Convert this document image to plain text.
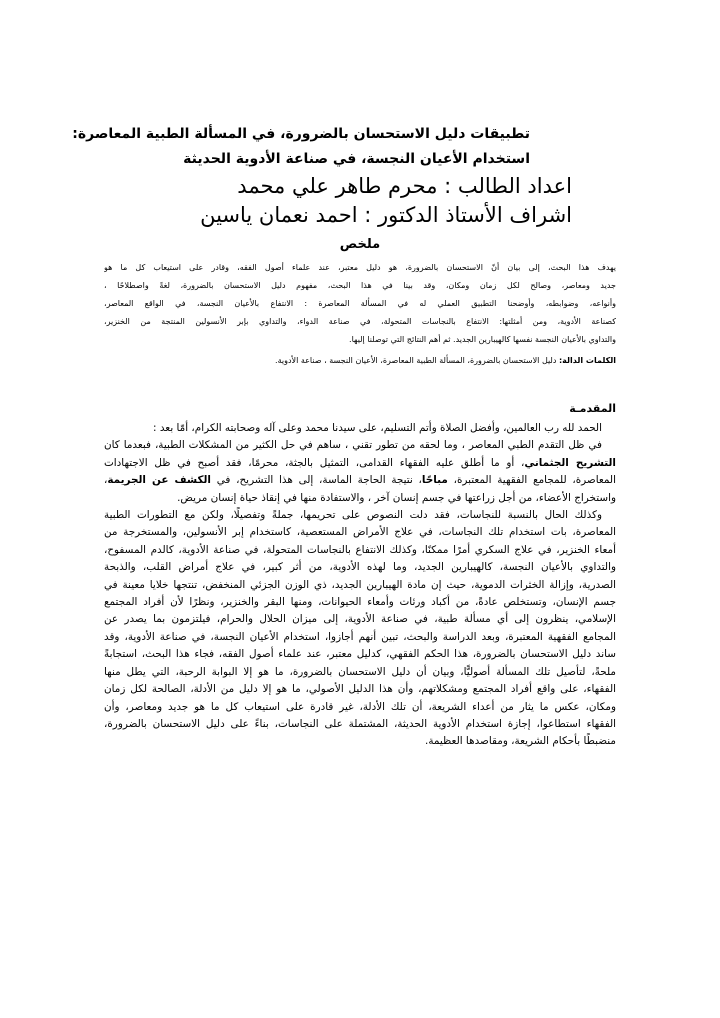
تطبيقات دليل الاستحسان بالضرورة، في المسألة الطبية المعاصرة:
استخدام الأعيان النجسة، في صناعة الأدوية الحديثة
اعداد الطالب : محرم طاهر علي محمد
اشراف الأستاذ الدكتور : احمد نعمان ياسين
ملخص
يهدف هذا البحث، إلى بيان أنّ الاستحسان بالضرورة، هو دليل معتبر، عند علماء أصول الفقه، وقادر على استيعاب كل ما هو
جديد ومعاصر، وصالح لكل زمان ومكان، وقد بينا في هذا البحث، مفهوم دليل الاستحسان بالضرورة، لغةً واصطلاحًا ،
وأنواعه، وضوابطه، وأوضحنا التطبيق العملي له في المسألة المعاصرة : الانتفاع بالأعيان النجسة، في الواقع المعاصر،
كصناعة الأدوية، ومن أمثلتها: الانتفاع بالنجاسات المتحولة، في صناعة الدواء، والتداوي بإبر الأنسولين المنتجة من الخنزير،
والتداوي بالأعيان النجسة نفسها كالهيبارين الجديد. ثم أهم النتائج التي توصلنا إليها.
الكلمات الدالة: دليل الاستحسان بالضرورة، المسألة الطبية المعاصرة، الأعيان النجسة ، صناعة الأدوية.
المقدمـة
الحمد لله رب العالمين، وأفضل الصلاة وأتم التسليم، على سيدنا محمد وعلى آله وصحابته الكرام، أمّا بعد :
في ظل التقدم الطبي المعاصر ، وما لحقه من تطور تقني ، ساهم في حل الكثير من المشكلات الطبية، فبعدما كان
التشريح الجثماني، أو ما أطلق عليه الفقهاء القدامى، التمثيل بالجثة، محرمًا، فقد أصبح في ظل الاجتهادات
المعاصرة، للمجامع الفقهية المعتبرة، مباحًا، نتيجة الحاجة الماسة، إلى هذا التشريح، في الكشف عن الجريمة،
واستخراج الأعضاء، من أجل زراعتها في جسم إنسان آخر ، والاستفادة منها في إنقاذ حياة إنسان مريض.
وكذلك الحال بالنسبة للنجاسات، فقد دلت النصوص على تحريمها، جملةً وتفصيلًا، ولكن مع التطورات الطبية
المعاصرة، بات استخدام تلك النجاسات، في علاج الأمراض المستعصية، كاستخدام إبر الأنسولين، والمستخرجة من
أمعاء الخنزير، في علاج السكري أمرًا ممكنًا، وكذلك الانتفاع بالنجاسات المتحولة، في صناعة الأدوية، كالدم المسفوح،
والتداوي بالأعيان النجسة، كالهيبارين الجديد، وما لهذه الأدوية، من أثر كبير، في علاج أمراض القلب، والذبحة
الصدرية، وإزالة الخثرات الدموية، حيث إن مادة الهيبارين الجديد، ذي الوزن الجزئي المنخفض، تنتجها خلايا معينة في
جسم الإنسان، وتستخلص عادةً، من أكباد ورئات وأمعاء الحيوانات، ومنها البقر والخنزير، ونظرًا لأن أفراد المجتمع
الإسلامي، ينظرون إلى أي مسألة طبية، في صناعة الأدوية، إلى ميزان الحلال والحرام، فيلتزمون بما يصدر عن
المجامع الفقهية المعتبرة، وبعد الدراسة والبحث، تبين أنهم أجازوا، استخدام الأعيان النجسة، في صناعة الأدوية، وقد
ساند دليل الاستحسان بالضرورة، هذا الحكم الفقهي، كدليل معتبر، عند علماء أصول الفقه، فجاء هذا البحث، استجابةً
ملحةً، لتأصيل تلك المسألة أصوليًّا، وبيان أن دليل الاستحسان بالضرورة، ما هو إلا البوابة الرحبة، التي يطل منها
الفقهاء، على واقع أفراد المجتمع ومشكلاتهم، وأن هذا الدليل الأصولي، ما هو إلا دليل من الأدلة، الصالحة لكل زمان
ومكان، عكس ما يثار من أعداء الشريعة، أن تلك الأدلة، غير قادرة على استيعاب كل ما هو جديد ومعاصر، وأن
الفقهاء استطاعوا، إجازة استخدام الأدوية الحديثة، المشتملة على النجاسات، بناءً على دليل الاستحسان بالضرورة،
منضبطًا بأحكام الشريعة، ومقاصدها العظيمة.
